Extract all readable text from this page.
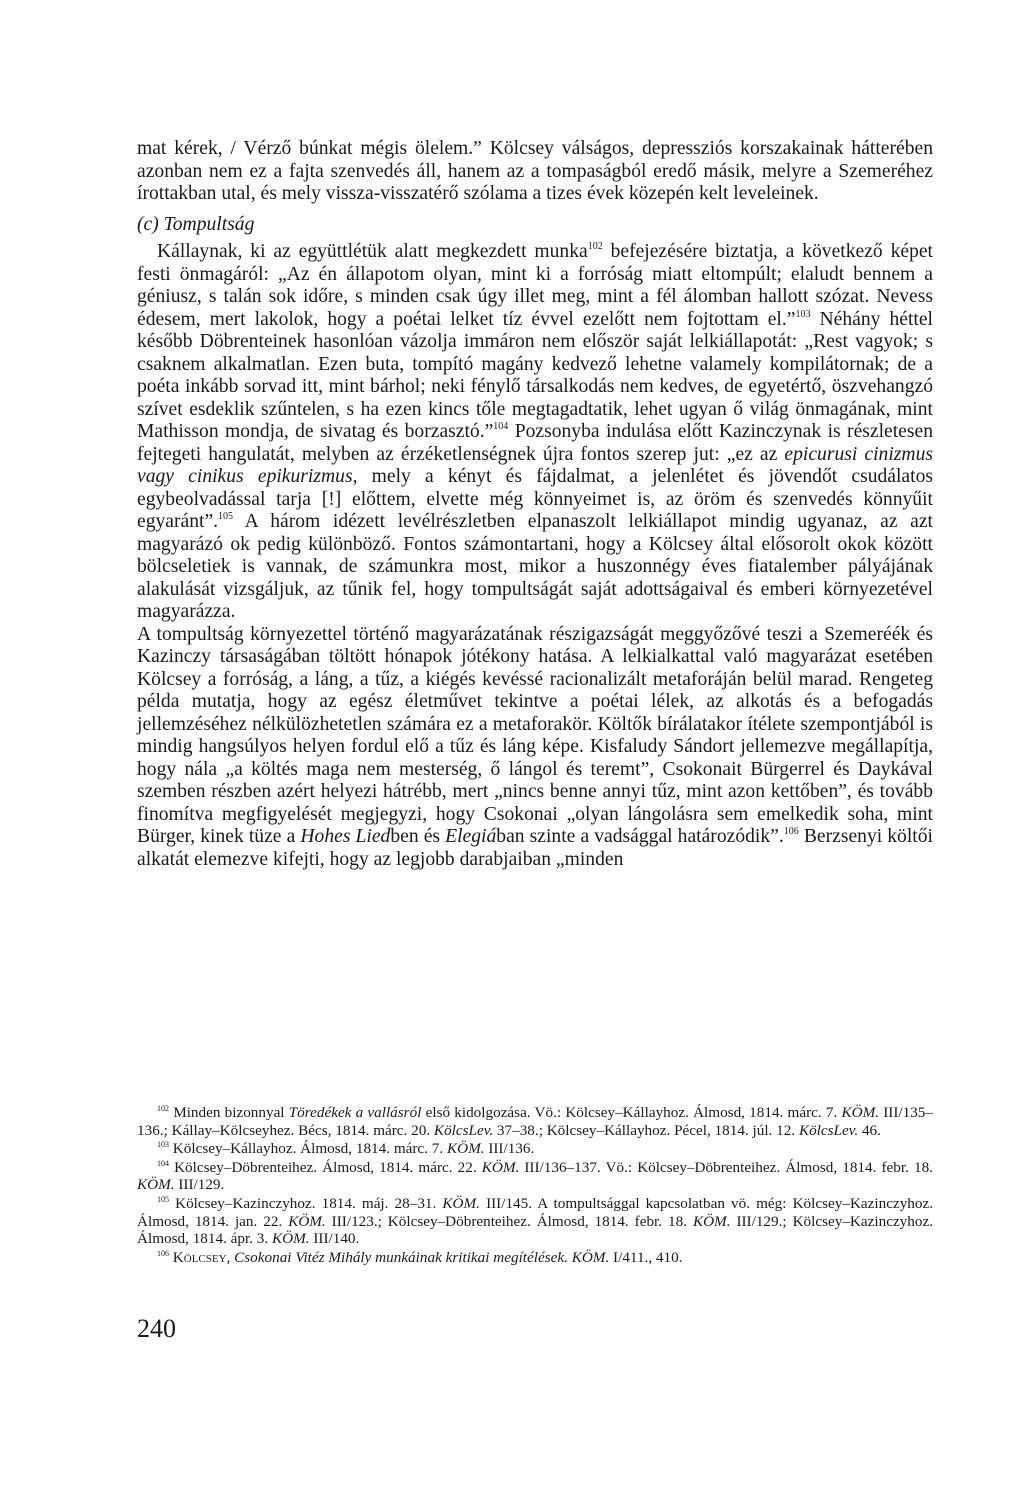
mat kérek, / Vérző búnkat mégis ölelem.” Kölcsey válságos, depressziós korszakainak hátterében azonban nem ez a fajta szenvedés áll, hanem az a tompaságból eredő másik, melyre a Szemeréhez írottakban utal, és mely vissza-visszatérő szólama a tizes évek közepén kelt leveleinek.

(c) Tompultság

Kállaynak, ki az együttlétük alatt megkezdett munka$^{102}$ befejezésére biztatja, a következő képet festi önmagáról: „Az én állapotom olyan, mint ki a forróság miatt eltompúlt; elaludt bennem a géniusz, s talán sok időre, s minden csak úgy illet meg, mint a fél álomban hallott szózat. Nevess édesem, mert lakolok, hogy a poétai lelket tíz évvel ezelőtt nem fojtottam el.”$^{103}$ Néhány héttel később Döbrenteinek hasonlóan vázolja immáron nem először saját lelkiállapotát: „Rest vagyok; s csaknem alkalmatlan. Ezen buta, tompító magány kedvező lehetne valamely kompilátornak; de a poéta inkább sorvad itt, mint bárhol; neki fénylő társalkodás nem kedves, de egyetértő, öszvehangzó szívet esdeklik szűntelen, s ha ezen kincs tőle megtagadtatik, lehet ugyan ő világ önmagának, mint Mathisson mondja, de sivatag és borzasztó.”$^{104}$ Pozsonyba indulása előtt Kazinczynak is részletesen fejtegeti hangulatát, melyben az érzéketlenségnek újra fontos szerep jut: „ez az epicurusi cinizmus vagy cinikus epikurizmus, mely a kényt és fájdalmat, a jelenlétet és jövendőt csudálatos egybeolvadással tarja [!] előttem, elvette még könnyeimet is, az öröm és szenvedés könnyűit egyaránt”.$^{105}$ A három idézett levélrészletben elpanaszolt lelkiállapot mindig ugyanaz, az azt magyarázó ok pedig különböző. Fontos számontartani, hogy a Kölcsey által elősorolt okok között bölcseletiek is vannak, de számunkra most, mikor a huszonnégy éves fiatalember pályájának alakulását vizsgáljuk, az tűnik fel, hogy tompultságát saját adottságaival és emberi környezetével magyarázza.

A tompultság környezettel történő magyarázatának részigazságát meggyőzővé teszi a Szemeréék és Kazinczy társaságában töltött hónapok jótékony hatása. A lelkialkattal való magyarázat esetében Kölcsey a forróság, a láng, a tűz, a kiégés kevéssé racionalizált metaforáján belül marad. Rengeteg példa mutatja, hogy az egész életművet tekintve a poétai lélek, az alkotás és a befogadás jellemzéséhez nélkülözhetetlen számára ez a metaforakör. Költők bírálatakor ítélete szempontjából is mindig hangsúlyos helyen fordul elő a tűz és láng képe. Kisfaludy Sándort jellemezve megállapítja, hogy nála „a költés maga nem mesterség, ő lángol és teremt”, Csokonait Bürgerrel és Daykával szemben részben azért helyezi hátrébb, mert „nincs benne annyi tűz, mint azon kettőben”, és tovább finomítva megfigyelését megjegyzi, hogy Csokonai „olyan lángolásra sem emelkedik soha, mint Bürger, kinek tüze a Hohes Liedben és Elegiában szinte a vadsággal határozódik”.$^{106}$ Berzsenyi költői alkatát elemezve kifejti, hogy az legjobb darabjaiban „minden

$^{102}$ Minden bizonnyal Töredékek a vallásról első kidolgozása. Vö.: Kölcsey–Kállayhoz. Álmosd, 1814. márc. 7. KÖM. III/135–136.; Kállay–Kölcseyhez. Bécs, 1814. márc. 20. KölcsLev. 37–38.; Kölcsey–Kállayhoz. Pécel, 1814. júl. 12. KölcsLev. 46.

$^{103}$ Kölcsey–Kállayhoz. Álmosd, 1814. márc. 7. KÖM. III/136.

$^{104}$ Kölcsey–Döbrenteihez. Álmosd, 1814. márc. 22. KÖM. III/136–137. Vö.: Kölcsey–Döbrenteihez. Álmosd, 1814. febr. 18. KÖM. III/129.

$^{105}$ Kölcsey–Kazinczyhoz. 1814. máj. 28–31. KÖM. III/145. A tompultsággal kapcsolatban vö. még: Kölcsey–Kazinczyhoz. Álmosd, 1814. jan. 22. KÖM. III/123.; Kölcsey–Döbrenteihez. Álmosd, 1814. febr. 18. KÖM. III/129.; Kölcsey–Kazinczyhoz. Álmosd, 1814. ápr. 3. KÖM. III/140.

$^{106}$ Kölcsey, Csokonai Vitéz Mihály munkáinak kritikai megítélések. KÖM. I/411., 410.

240
